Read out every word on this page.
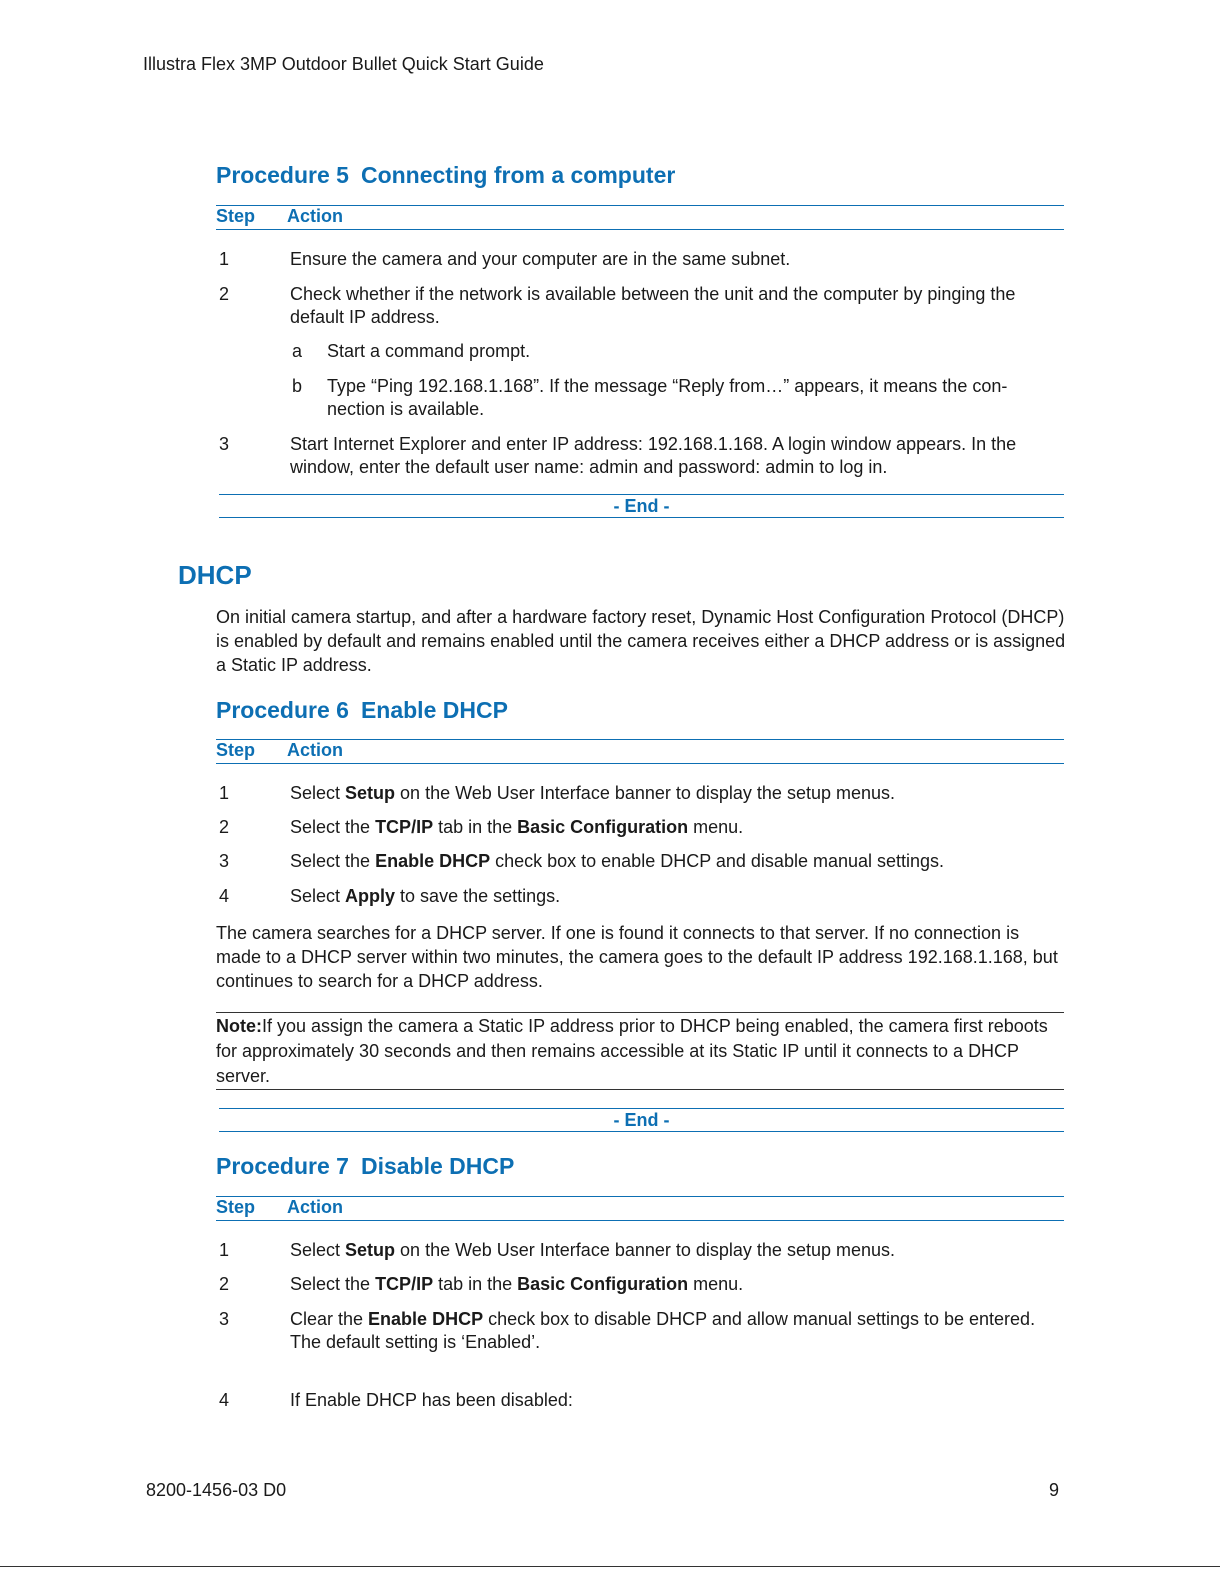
Illustra Flex 3MP Outdoor Bullet Quick Start Guide
Procedure 5 Connecting from a computer
Step Action
1	Ensure the camera and your computer are in the same subnet.
2	Check whether if the network is available between the unit and the computer by pinging the default IP address.
a Start a command prompt.
b Type “Ping 192.168.1.168”. If the message “Reply from…” appears, it means the con-nection is available.
3	Start Internet Explorer and enter IP address: 192.168.1.168. A login window appears. In the window, enter the default user name: admin and password: admin to log in.
- End -
DHCP
On initial camera startup, and after a hardware factory reset, Dynamic Host Configuration Protocol (DHCP) is enabled by default and remains enabled until the camera receives either a DHCP address or is assigned a Static IP address.
Procedure 6 Enable DHCP
Step Action
1	Select Setup on the Web User Interface banner to display the setup menus.
2	Select the TCP/IP tab in the Basic Configuration menu.
3	Select the Enable DHCP check box to enable DHCP and disable manual settings.
4	Select Apply to save the settings.
The camera searches for a DHCP server. If one is found it connects to that server. If no connection is made to a DHCP server within two minutes, the camera goes to the default IP address 192.168.1.168, but continues to search for a DHCP address.
Note:If you assign the camera a Static IP address prior to DHCP being enabled, the camera first reboots for approximately 30 seconds and then remains accessible at its Static IP until it connects to a DHCP server.
- End -
Procedure 7 Disable DHCP
Step Action
1	Select Setup on the Web User Interface banner to display the setup menus.
2	Select the TCP/IP tab in the Basic Configuration menu.
3	Clear the Enable DHCP check box to disable DHCP and allow manual settings to be entered.
The default setting is ‘Enabled’.
4	If Enable DHCP has been disabled:
8200-1456-03 D0	9
